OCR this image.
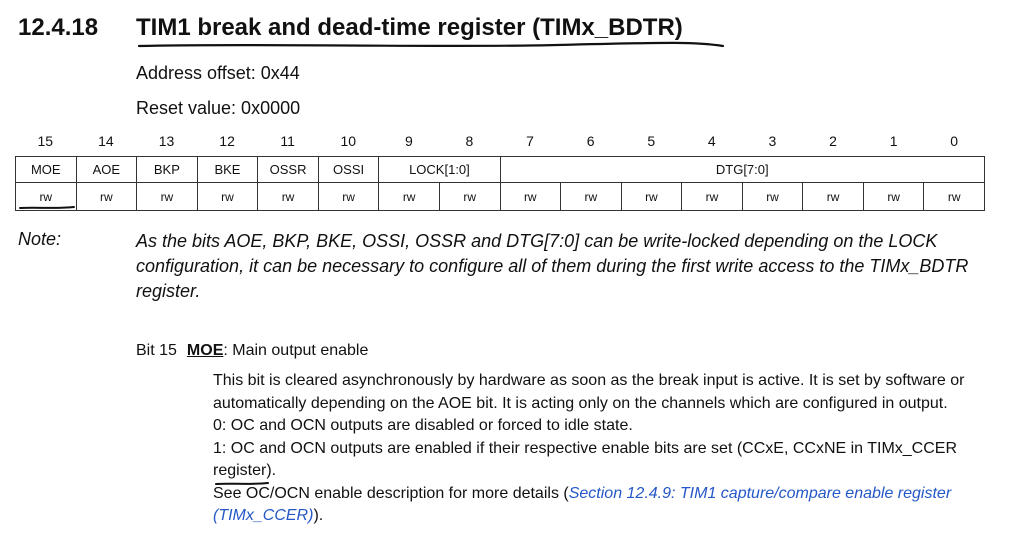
12.4.18 TIM1 break and dead-time register (TIMx_BDTR)
Address offset: 0x44
Reset value: 0x0000
15	14	13	12	11	10	9	8	7	6	5	4	3	2	1	0
MOE	AOE	BKP	BKE	OSSR	OSSI	LOCK[1:0]		DTG[7:0]							
rw	rw	rw	rw	rw	rw	rw	rw	rw	rw	rw	rw	rw	rw	rw	rw
Note:	As the bits AOE, BKP, BKE, OSSI, OSSR and DTG[7:0] can be write-locked depending on the LOCK configuration, it can be necessary to configure all of them during the first write access to the TIMx_BDTR register.
Bit 15 MOE: Main output enable

This bit is cleared asynchronously by hardware as soon as the break input is active. It is set by software or automatically depending on the AOE bit. It is acting only on the channels which are configured in output.

0: OC and OCN outputs are disabled or forced to idle state.

1: OC and OCN outputs are enabled if their respective enable bits are set (CCxE, CCxNE in TIMx_CCER register).

See OC/OCN enable description for more details (Section 12.4.9: TIM1 capture/compare enable register (TIMx_CCER)).
